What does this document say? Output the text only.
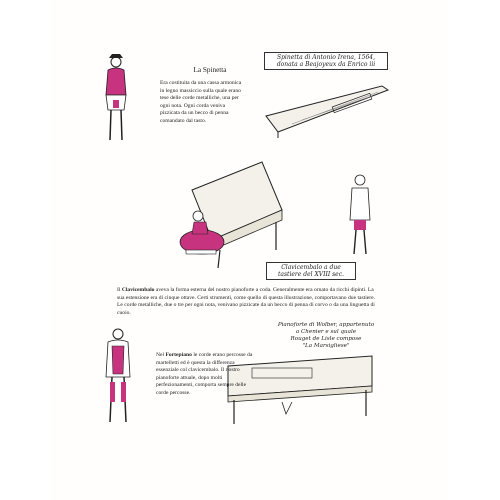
La Spinetta
Era costituita da una cassa armonica in legno massiccio sulla quale erano tese delle corde metalliche, una per ogni nota. Ogni corda veniva pizzicata da un becco di penna comandato dal tasto.
Spinetta di Antonio Irena, 1564,
donata a Beajoyeux da Enrico iii
Clavicembalo a due
tastiere del XVIII sec.
Il Clavicembalo aveva la forma esterna del nostro pianoforte a coda. Generalmente era ornato da ricchi dipinti. La sua estensione era di cinque ottave. Certi strumenti, come quello di questa illustrazione, comportavano due tastiere. Le corde metalliche, due o tre per ogni nota, venivano pizzicate da un becco di penna di corvo o da una linguetta di cuoio.
Pianoforte di Wolber, appartenuto a Chenier e sul quale
Rouget de Lisle compose
"La Marsigliese"
Nel Fortepiano le corde erano percosse da martelletti ed è questa la differenza essenziale col clavicembalo. Il nostro pianoforte attuale, dopo molti perfezionamenti, comporta sempre delle corde percosse.
